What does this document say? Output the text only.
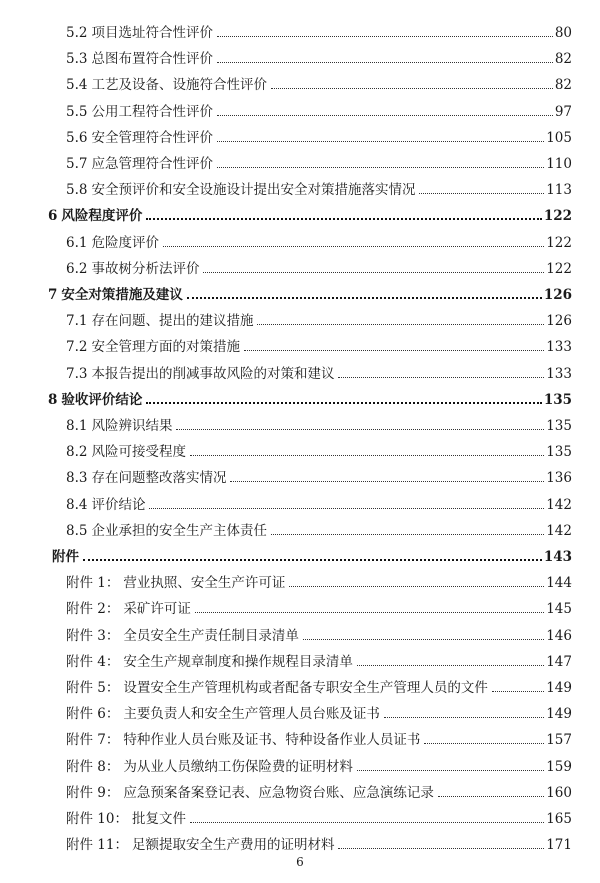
5.2 项目选址符合性评价	80
5.3 总图布置符合性评价	82
5.4 工艺及设备、设施符合性评价	82
5.5 公用工程符合性评价	97
5.6 安全管理符合性评价	105
5.7 应急管理符合性评价	110
5.8 安全预评价和安全设施设计提出安全对策措施落实情况	113
6 风险程度评价	122
6.1 危险度评价	122
6.2 事故树分析法评价	122
7 安全对策措施及建议	126
7.1 存在问题、提出的建议措施	126
7.2 安全管理方面的对策措施	133
7.3 本报告提出的削减事故风险的对策和建议	133
8 验收评价结论	135
8.1 风险辨识结果	135
8.2 风险可接受程度	135
8.3 存在问题整改落实情况	136
8.4 评价结论	142
8.5 企业承担的安全生产主体责任	142
附件	143
附件 1： 营业执照、安全生产许可证	144
附件 2： 采矿许可证	145
附件 3： 全员安全生产责任制目录清单	146
附件 4： 安全生产规章制度和操作规程目录清单	147
附件 5： 设置安全生产管理机构或者配备专职安全生产管理人员的文件	149
附件 6： 主要负责人和安全生产管理人员台账及证书	149
附件 7： 特种作业人员台账及证书、特种设备作业人员证书	157
附件 8： 为从业人员缴纳工伤保险费的证明材料	159
附件 9： 应急预案备案登记表、应急物资台账、应急演练记录	160
附件 10： 批复文件	165
附件 11： 足额提取安全生产费用的证明材料	171
6
